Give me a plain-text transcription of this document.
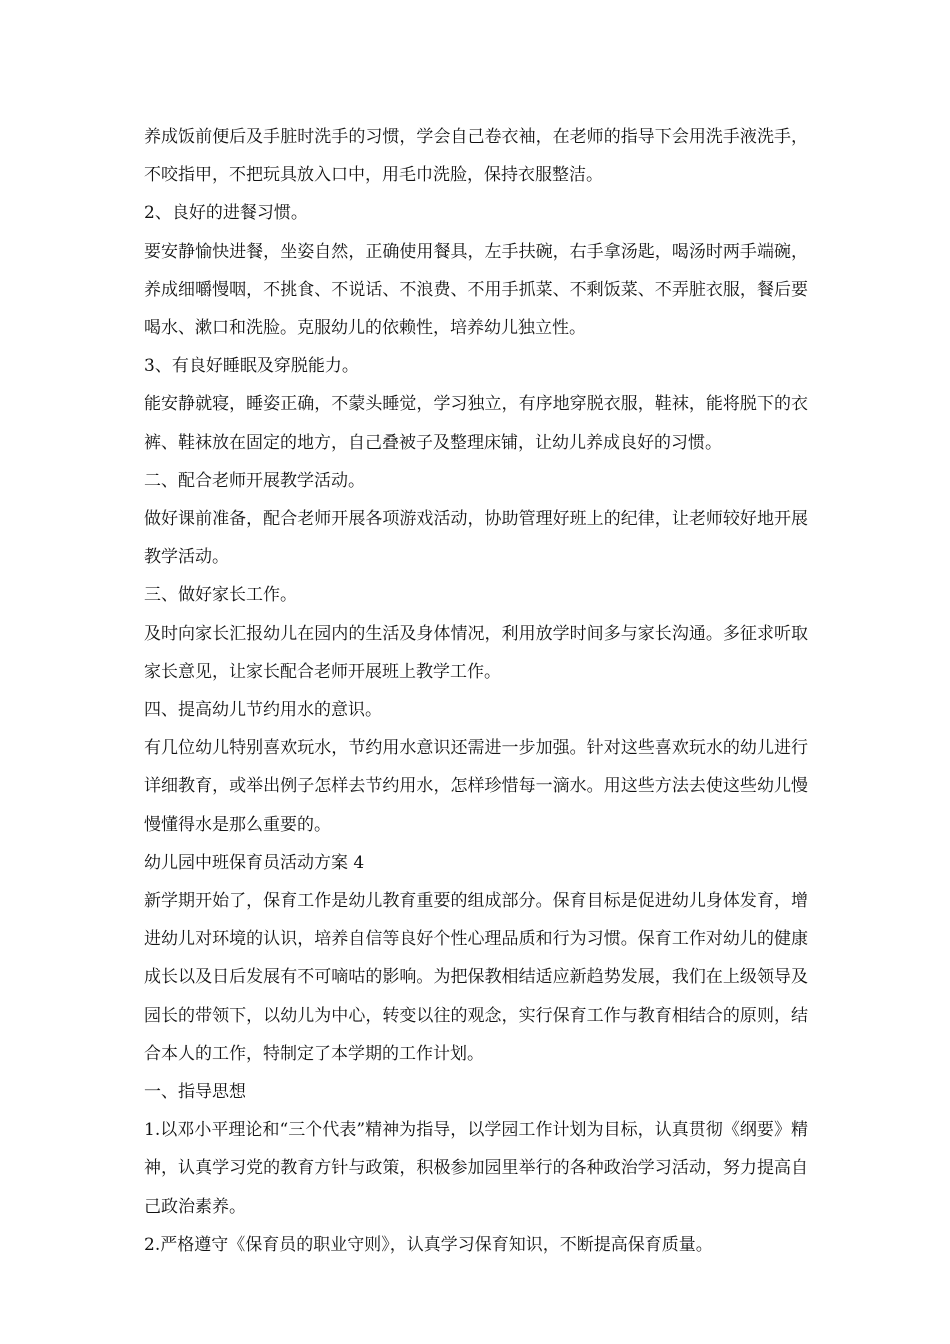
养成饭前便后及手脏时洗手的习惯，学会自己卷衣袖，在老师的指导下会用洗手液洗手，不咬指甲，不把玩具放入口中，用毛巾洗脸，保持衣服整洁。

2、良好的进餐习惯。

要安静愉快进餐，坐姿自然，正确使用餐具，左手扶碗，右手拿汤匙，喝汤时两手端碗，养成细嚼慢咽，不挑食、不说话、不浪费、不用手抓菜、不剩饭菜、不弄脏衣服，餐后要喝水、漱口和洗脸。克服幼儿的依赖性，培养幼儿独立性。

3、有良好睡眠及穿脱能力。

能安静就寝，睡姿正确，不蒙头睡觉，学习独立，有序地穿脱衣服，鞋袜，能将脱下的衣裤、鞋袜放在固定的地方，自己叠被子及整理床铺，让幼儿养成良好的习惯。

二、配合老师开展教学活动。

做好课前准备，配合老师开展各项游戏活动，协助管理好班上的纪律，让老师较好地开展教学活动。

三、做好家长工作。

及时向家长汇报幼儿在园内的生活及身体情况，利用放学时间多与家长沟通。多征求听取家长意见，让家长配合老师开展班上教学工作。

四、提高幼儿节约用水的意识。

有几位幼儿特别喜欢玩水，节约用水意识还需进一步加强。针对这些喜欢玩水的幼儿进行详细教育，或举出例子怎样去节约用水，怎样珍惜每一滴水。用这些方法去使这些幼儿慢慢懂得水是那么重要的。

幼儿园中班保育员活动方案 4

新学期开始了，保育工作是幼儿教育重要的组成部分。保育目标是促进幼儿身体发育，增进幼儿对环境的认识，培养自信等良好个性心理品质和行为习惯。保育工作对幼儿的健康成长以及日后发展有不可嘀咕的影响。为把保教相结适应新趋势发展，我们在上级领导及园长的带领下，以幼儿为中心，转变以往的观念，实行保育工作与教育相结合的原则，结合本人的工作，特制定了本学期的工作计划。

一、指导思想

1.以邓小平理论和“三个代表”精神为指导，以学园工作计划为目标，认真贯彻《纲要》精神，认真学习党的教育方针与政策，积极参加园里举行的各种政治学习活动，努力提高自己政治素养。

2.严格遵守《保育员的职业守则》，认真学习保育知识，不断提高保育质量。
